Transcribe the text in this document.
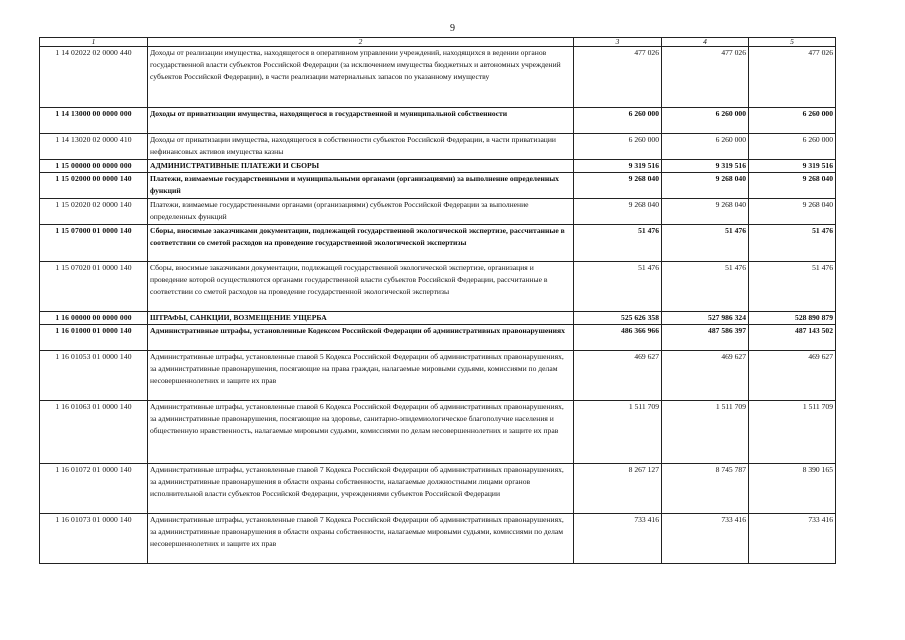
9
1	2	3	4	5
1 14 02022 02 0000 440	Доходы от реализации имущества, находящегося в оперативном управлении учреждений, находящихся в ведении органов государственной власти субъектов Российской Федерации (за исключением имущества бюджетных и автономных учреждений субъектов Российской Федерации), в части реализации материальных запасов по указанному имуществу	477 026	477 026	477 026
1 14 13000 00 0000 000	Доходы от приватизации имущества, находящегося в государственной и муниципальной собственности	6 260 000	6 260 000	6 260 000
1 14 13020 02 0000 410	Доходы от приватизации имущества, находящегося в собственности субъектов Российской Федерации, в части приватизации нефинансовых активов имущества казны	6 260 000	6 260 000	6 260 000
1 15 00000 00 0000 000	АДМИНИСТРАТИВНЫЕ ПЛАТЕЖИ И СБОРЫ	9 319 516	9 319 516	9 319 516
1 15 02000 00 0000 140	Платежи, взимаемые государственными и муниципальными органами (организациями) за выполнение определенных функций	9 268 040	9 268 040	9 268 040
1 15 02020 02 0000 140	Платежи, взимаемые государственными органами (организациями) субъектов Российской Федерации за выполнение определенных функций	9 268 040	9 268 040	9 268 040
1 15 07000 01 0000 140	Сборы, вносимые заказчиками документации, подлежащей государственной экологической экспертизе, рассчитанные в соответствии со сметой расходов на проведение государственной экологической экспертизы	51 476	51 476	51 476
1 15 07020 01 0000 140	Сборы, вносимые заказчиками документации, подлежащей государственной экологической экспертизе, организация и проведение которой осуществляются органами государственной власти субъектов Российской Федерации, рассчитанные в соответствии со сметой расходов на проведение государственной экологической экспертизы	51 476	51 476	51 476
1 16 00000 00 0000 000	ШТРАФЫ, САНКЦИИ, ВОЗМЕЩЕНИЕ УЩЕРБА	525 626 358	527 986 324	528 890 879
1 16 01000 01 0000 140	Административные штрафы, установленные Кодексом Российской Федерации об административных правонарушениях	486 366 966	487 586 397	487 143 502
1 16 01053 01 0000 140	Административные штрафы, установленные главой 5 Кодекса Российской Федерации об административных правонарушениях, за административные правонарушения, посягающие на права граждан, налагаемые мировыми судьями, комиссиями по делам несовершеннолетних и защите их прав	469 627	469 627	469 627
1 16 01063 01 0000 140	Административные штрафы, установленные главой 6 Кодекса Российской Федерации об административных правонарушениях, за административные правонарушения, посягающие на здоровье, санитарно-эпидемиологическое благополучие населения и общественную нравственность, налагаемые мировыми судьями, комиссиями по делам несовершеннолетних и защите их прав	1 511 709	1 511 709	1 511 709
1 16 01072 01 0000 140	Административные штрафы, установленные главой 7 Кодекса Российской Федерации об административных правонарушениях, за административные правонарушения в области охраны собственности, налагаемые должностными лицами органов исполнительной власти субъектов Российской Федерации, учреждениями субъектов Российской Федерации	8 267 127	8 745 787	8 390 165
1 16 01073 01 0000 140	Административные штрафы, установленные главой 7 Кодекса Российской Федерации об административных правонарушениях, за административные правонарушения в области охраны собственности, налагаемые мировыми судьями, комиссиями по делам несовершеннолетних и защите их прав	733 416	733 416	733 416
